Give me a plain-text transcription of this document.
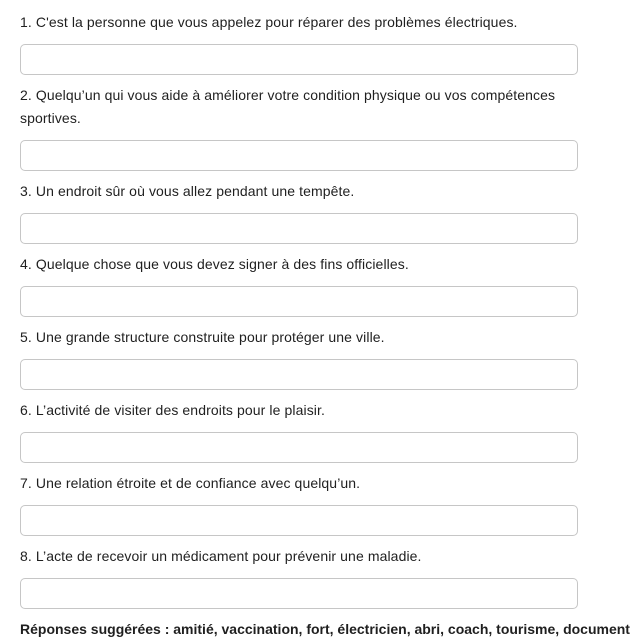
1. C'est la personne que vous appelez pour réparer des problèmes électriques.
2. Quelqu’un qui vous aide à améliorer votre condition physique ou vos compétences sportives.
3. Un endroit sûr où vous allez pendant une tempête.
4. Quelque chose que vous devez signer à des fins officielles.
5. Une grande structure construite pour protéger une ville.
6. L’activité de visiter des endroits pour le plaisir.
7. Une relation étroite et de confiance avec quelqu’un.
8. L’acte de recevoir un médicament pour prévenir une maladie.
Réponses suggérées : amitié, vaccination, fort, électricien, abri, coach, tourisme, document
